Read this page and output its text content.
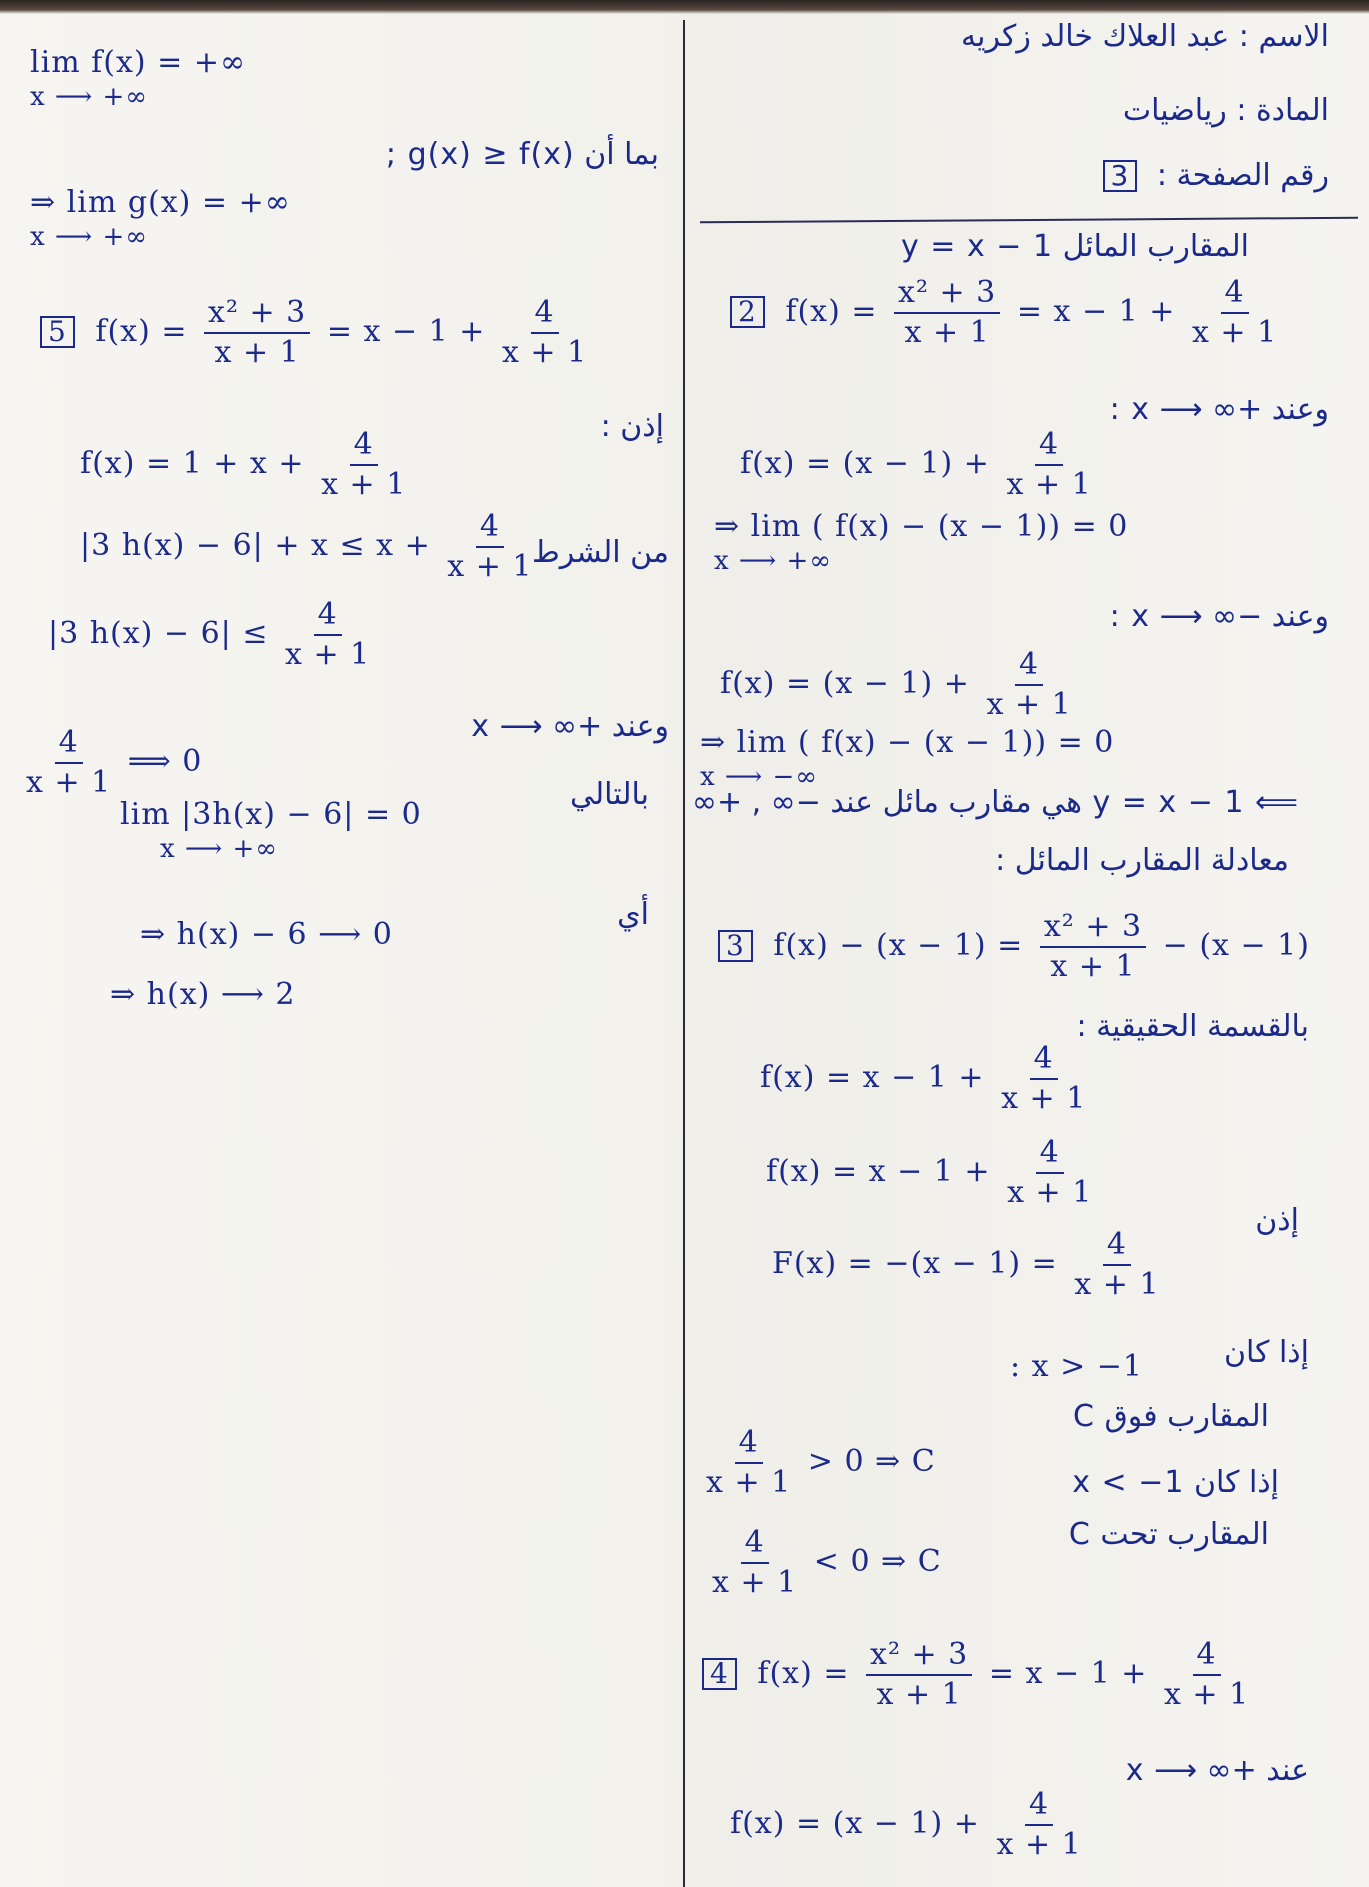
الاسم : عبد العلاك خالد زكريه
المادة : رياضيات
رقم الصفحة : 3
lim f(x) = +∞
x ⟶ +∞
بما أن g(x) ≥ f(x) ;
⇒ lim g(x) = +∞
x ⟶ +∞
5 $f(x) = \frac{\text{x² + 3}}{x + 1} = x - 1 + \frac{4}{x + 1}$
إذن :
$f(x) = 1 + x + \frac{4}{x + 1}$
|3 $h(x) - 6| + x \le x + \frac{4}{x + 1}$ من الشرط
|3 $h(x) - 6| \le \frac{4}{x + 1}$
وعند +∞ ⟶ x
$\frac{4}{x + 1}$ ⟹ 0
lim |3h(x) − 6| = 0
x ⟶ +∞
بالتالي
أي
⇒ h(x) − 6 ⟶ 0
⇒ h(x) ⟶ 2
المقارب المائل y = x − 1
2 $f(x) = \frac{\text{x² + 3}}{x + 1} = x - 1 + \frac{4}{x + 1}$
وعند +∞ ⟶ x :
$f(x) = (x - 1) + \frac{4}{x + 1}$
⇒ lim ( f(x) − (x − 1)) = 0
x ⟶ +∞
وعند −∞ ⟶ x :
$f(x) = (x - 1) + \frac{4}{x + 1}$
⇒ lim ( f(x) − (x − 1)) = 0
x ⟶ −∞
⟸ y = x − 1 هي مقارب مائل عند −∞ , +∞
معادلة المقارب المائل :
3 $f(x) - (x - 1) = \frac{\text{x² + 3}}{x + 1} - (x - 1)$
بالقسمة الحقيقية :
$f(x) = x - 1 + \frac{4}{x + 1}$
$f(x) = x - 1 + \frac{4}{x + 1}$
إذن
$F(x) = -(x - 1) = \frac{4}{x + 1}$
: x > −1	إذا كان
المقارب فوق C
$\frac{4}{x + 1} > 0$ ⇒ C
إذا كان x < −1
المقارب تحت C
$\frac{4}{x + 1} < 0$ ⇒ C
4 $f(x) = \frac{\text{x² + 3}}{x + 1} = x - 1 + \frac{4}{x + 1}$
عند +∞ ⟶ x
$f(x) = (x - 1) + \frac{4}{x + 1}$
